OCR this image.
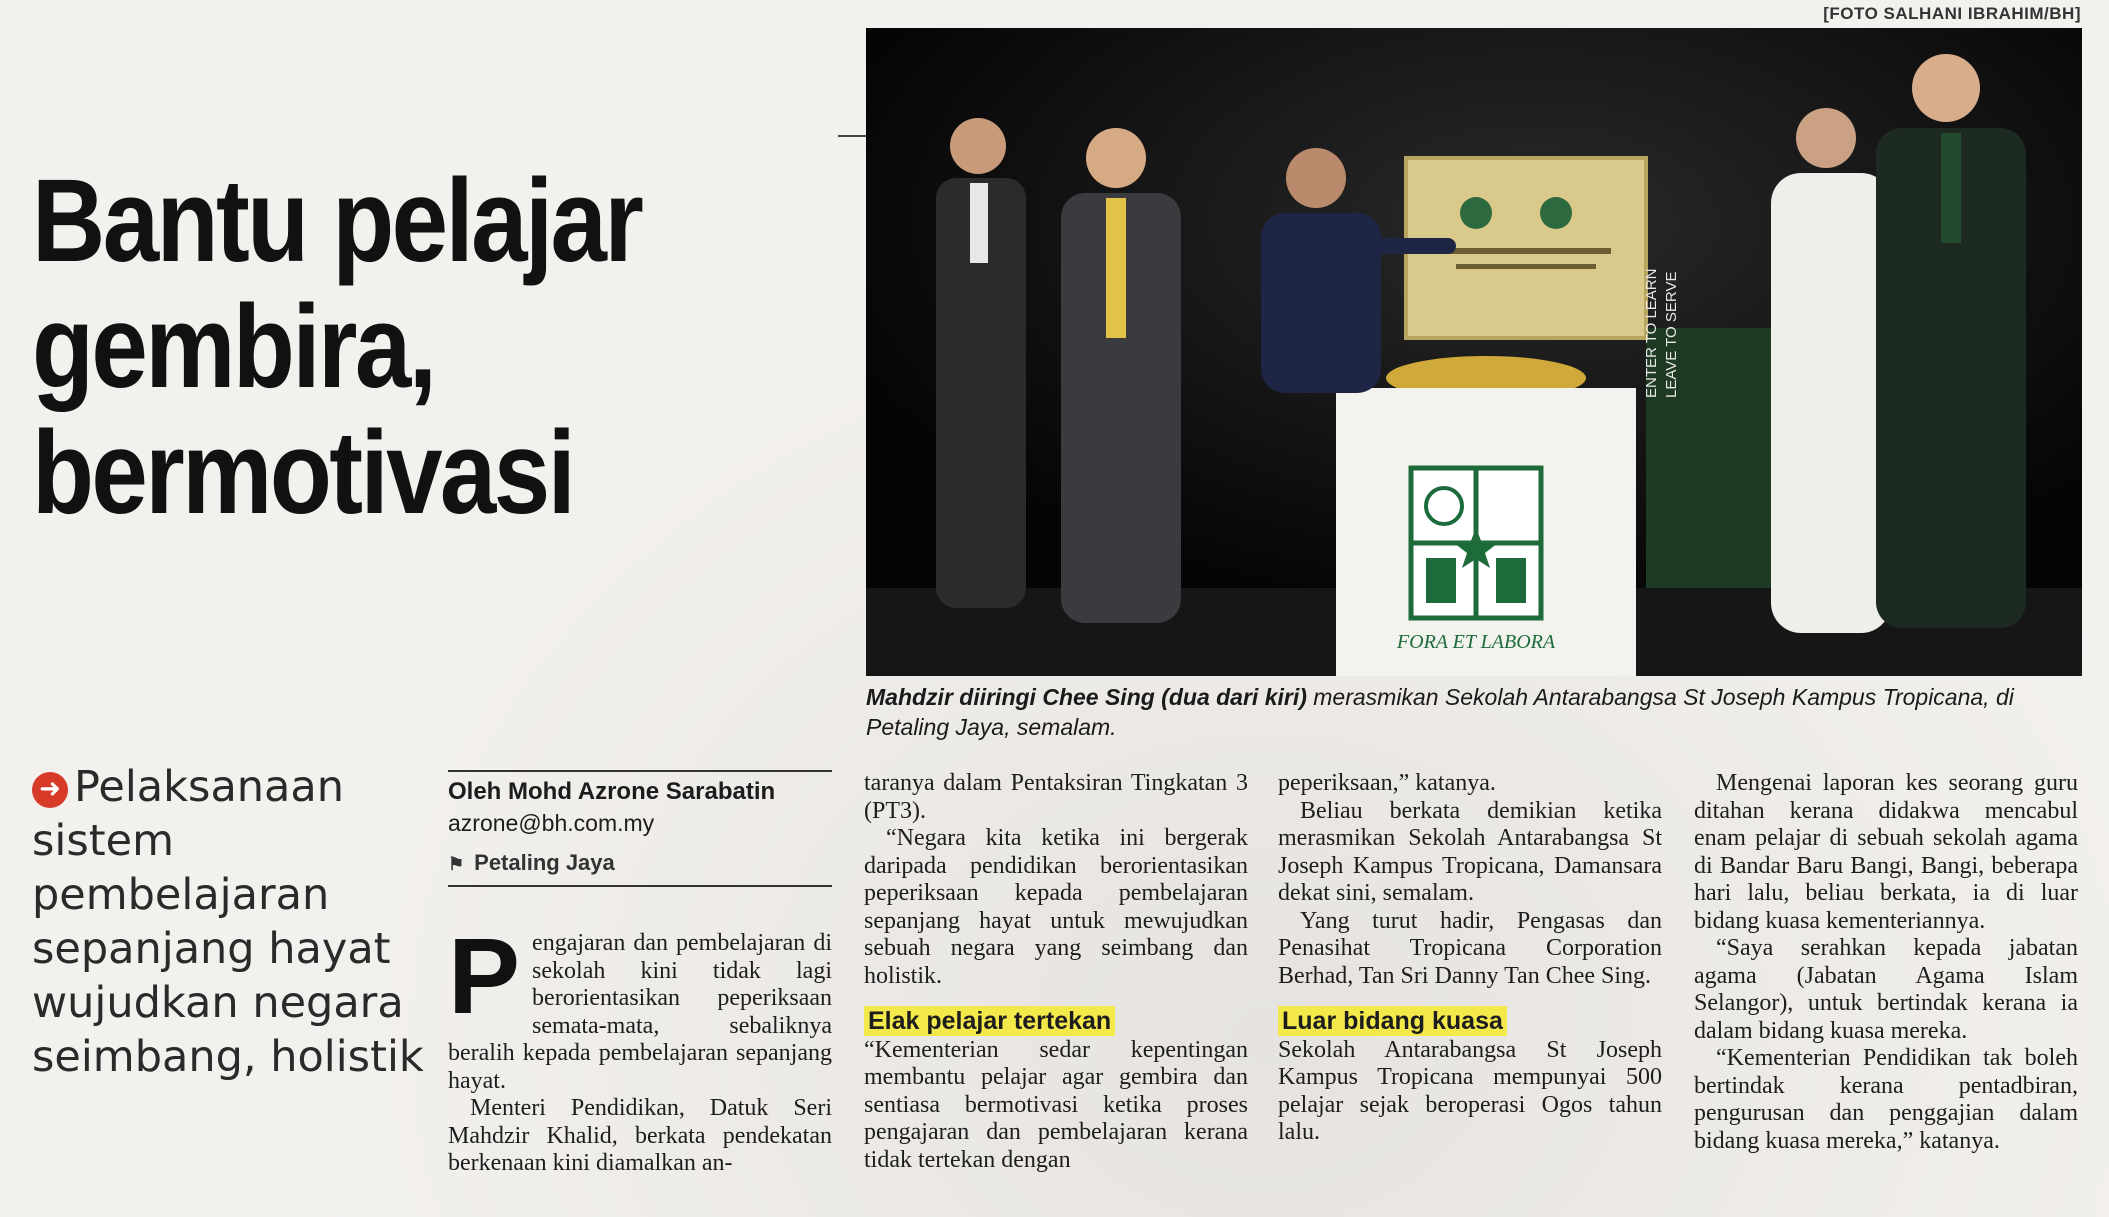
[FOTO SALHANI IBRAHIM/BH]
Bantu pelajar
gembira,
bermotivasi
FORA ET LABORA
ENTER TO LEARN LEAVE TO SERVE
Mahdzir diiringi Chee Sing (dua dari kiri) merasmikan Sekolah Antarabangsa St Joseph Kampus Tropicana, di Petaling Jaya, semalam.
➜ Pelaksanaan sistem pembelajaran sepanjang hayat wujudkan negara seimbang, holistik
Oleh Mohd Azrone Sarabatin
azrone@bh.com.my
⚑ Petaling Jaya

Pengajaran dan pembelajaran di sekolah kini tidak lagi berorientasikan peperiksaan semata-mata, sebaliknya beralih kepada pembelajaran sepanjang hayat.

Menteri Pendidikan, Datuk Seri Mahdzir Khalid, berkata pendekatan berkenaan kini diamalkan an-

taranya dalam Pentaksiran Tingkatan 3 (PT3).

“Negara kita ketika ini bergerak daripada pendidikan berorientasikan peperiksaan kepada pembelajaran sepanjang hayat untuk mewujudkan sebuah negara yang seimbang dan holistik.

Elak pelajar tertekan

“Kementerian sedar kepentingan membantu pelajar agar gembira dan sentiasa bermotivasi ketika proses pengajaran dan pembelajaran kerana tidak tertekan dengan

peperiksaan,” katanya.

Beliau berkata demikian ketika merasmikan Sekolah Antarabangsa St Joseph Kampus Tropicana, Damansara dekat sini, semalam.

Yang turut hadir, Pengasas dan Penasihat Tropicana Corporation Berhad, Tan Sri Danny Tan Chee Sing.

Luar bidang kuasa

Sekolah Antarabangsa St Joseph Kampus Tropicana mempunyai 500 pelajar sejak beroperasi Ogos tahun lalu.

Mengenai laporan kes seorang guru ditahan kerana didakwa mencabul enam pelajar di sebuah sekolah agama di Bandar Baru Bangi, Bangi, beberapa hari lalu, beliau berkata, ia di luar bidang kuasa kementeriannya.

“Saya serahkan kepada jabatan agama (Jabatan Agama Islam Selangor), untuk bertindak kerana ia dalam bidang kuasa mereka.

“Kementerian Pendidikan tak boleh bertindak kerana pentadbiran, pengurusan dan penggajian dalam bidang kuasa mereka,” katanya.
